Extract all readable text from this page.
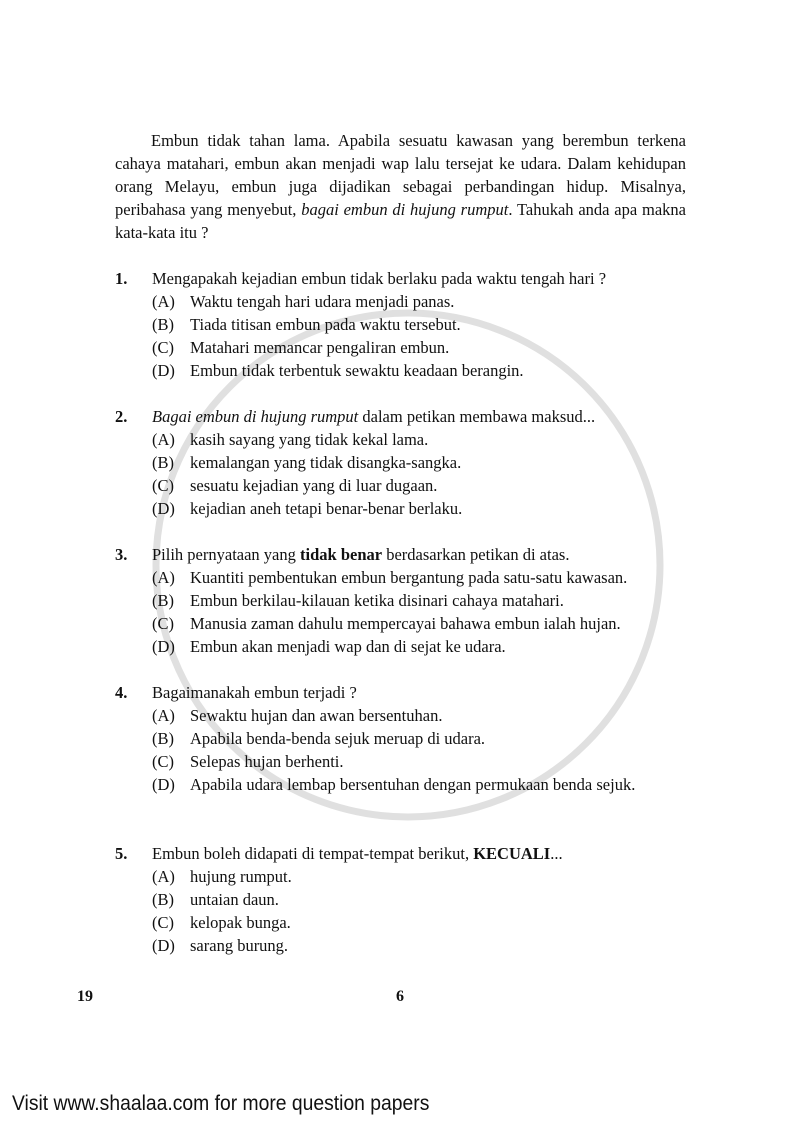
Embun tidak tahan lama. Apabila sesuatu kawasan yang berembun terkena cahaya matahari, embun akan menjadi wap lalu tersejat ke udara. Dalam kehidupan orang Melayu, embun juga dijadikan sebagai perbandingan hidup. Misalnya, peribahasa yang menyebut, bagai embun di hujung rumput. Tahukah anda apa makna kata-kata itu ?
1. Mengapakah kejadian embun tidak berlaku pada waktu tengah hari ?
(A) Waktu tengah hari udara menjadi panas.
(B) Tiada titisan embun pada waktu tersebut.
(C) Matahari memancar pengaliran embun.
(D) Embun tidak terbentuk sewaktu keadaan berangin.
2. Bagai embun di hujung rumput dalam petikan membawa maksud...
(A) kasih sayang yang tidak kekal lama.
(B) kemalangan yang tidak disangka-sangka.
(C) sesuatu kejadian yang di luar dugaan.
(D) kejadian aneh tetapi benar-benar berlaku.
3. Pilih pernyataan yang tidak benar berdasarkan petikan di atas.
(A) Kuantiti pembentukan embun bergantung pada satu-satu kawasan.
(B) Embun berkilau-kilauan ketika disinari cahaya matahari.
(C) Manusia zaman dahulu mempercayai bahawa embun ialah hujan.
(D) Embun akan menjadi wap dan di sejat ke udara.
4. Bagaimanakah embun terjadi ?
(A) Sewaktu hujan dan awan bersentuhan.
(B) Apabila benda-benda sejuk meruap di udara.
(C) Selepas hujan berhenti.
(D) Apabila udara lembap bersentuhan dengan permukaan benda sejuk.
5. Embun boleh didapati di tempat-tempat berikut, KECUALI...
(A) hujung rumput.
(B) untaian daun.
(C) kelopak bunga.
(D) sarang burung.
19	6
Visit www.shaalaa.com for more question papers
